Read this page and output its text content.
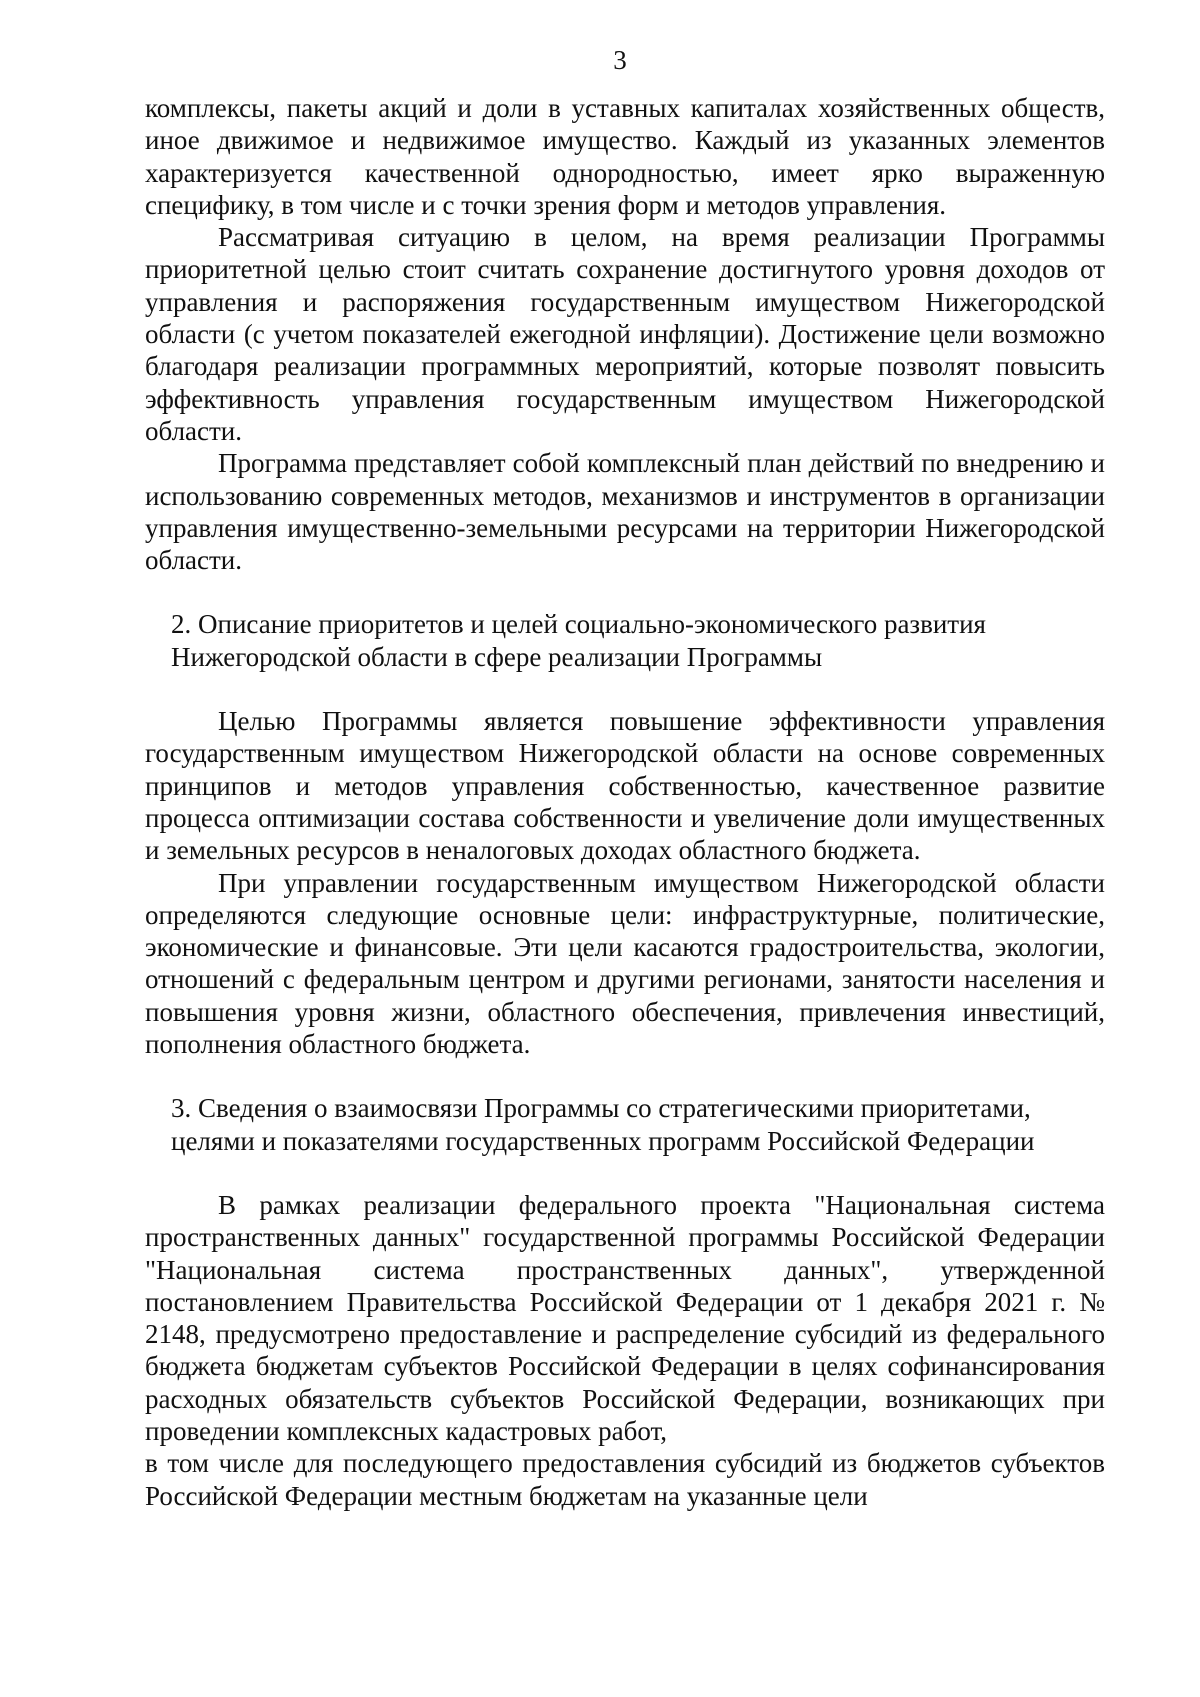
3

комплексы, пакеты акций и доли в уставных капиталах хозяйственных обществ, иное движимое и недвижимое имущество. Каждый из указанных элементов характеризуется качественной однородностью, имеет ярко выраженную специфику, в том числе и с точки зрения форм и методов управления.

Рассматривая ситуацию в целом, на время реализации Программы приоритетной целью стоит считать сохранение достигнутого уровня доходов от управления и распоряжения государственным имуществом Нижегородской области (с учетом показателей ежегодной инфляции). Достижение цели возможно благодаря реализации программных мероприятий, которые позволят повысить эффективность управления государственным имуществом Нижегородской области.

Программа представляет собой комплексный план действий по внедрению и использованию современных методов, механизмов и инструментов в организации управления имущественно-земельными ресурсами на территории Нижегородской области.

2. Описание приоритетов и целей социально-экономического развития

Нижегородской области в сфере реализации Программы

Целью Программы является повышение эффективности управления государственным имуществом Нижегородской области на основе современных принципов и методов управления собственностью, качественное развитие процесса оптимизации состава собственности и увеличение доли имущественных и земельных ресурсов в неналоговых доходах областного бюджета.

При управлении государственным имуществом Нижегородской области определяются следующие основные цели: инфраструктурные, политические, экономические и финансовые. Эти цели касаются градостроительства, экологии, отношений с федеральным центром и другими регионами, занятости населения и повышения уровня жизни, областного обеспечения, привлечения инвестиций, пополнения областного бюджета.

3. Сведения о взаимосвязи Программы со стратегическими приоритетами,

целями и показателями государственных программ Российской Федерации

В рамках реализации федерального проекта "Национальная система пространственных данных" государственной программы Российской Федерации "Национальная система пространственных данных", утвержденной постановлением Правительства Российской Федерации от 1 декабря 2021 г. № 2148, предусмотрено предоставление и распределение субсидий из федерального бюджета бюджетам субъектов Российской Федерации в целях софинансирования расходных обязательств субъектов Российской Федерации, возникающих при проведении комплексных кадастровых работ,

в том числе для последующего предоставления субсидий из бюджетов субъектов Российской Федерации местным бюджетам на указанные цели
